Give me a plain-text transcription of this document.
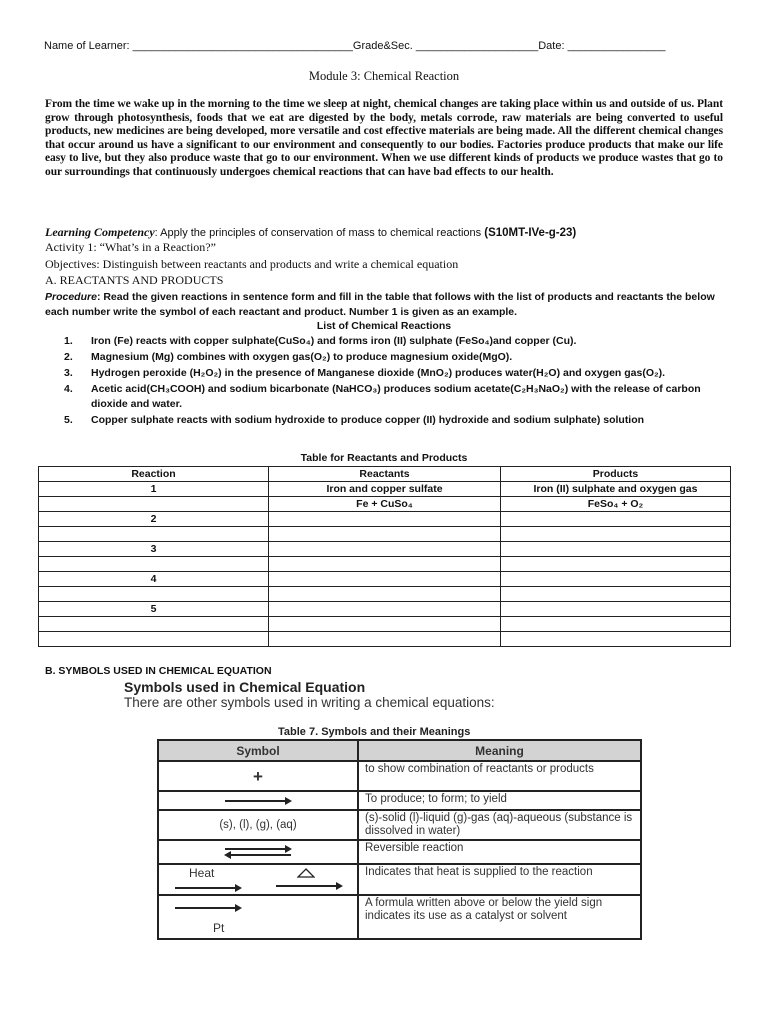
Name of Learner: ____________________________________Grade&Sec. ____________________Date: ________________
Module 3: Chemical Reaction
From the time we wake up in the morning to the time we sleep at night, chemical changes are taking place within us and outside of us. Plant grow through photosynthesis, foods that we eat are digested by the body, metals corrode, raw materials are being converted to useful products, new medicines are being developed, more versatile and cost effective materials are being made. All the different chemical changes that occur around us have a significant to our environment and consequently to our bodies. Factories produce products that make our life easy to live, but they also produce waste that go to our environment. When we use different kinds of products we produce wastes that go to our surroundings that continuously undergoes chemical reactions that can have bad effects to our health.
Learning Competency: Apply the principles of conservation of mass to chemical reactions (S10MT-IVe-g-23)
Activity 1: “What’s in a Reaction?”
Objectives: Distinguish between reactants and products and write a chemical equation
A. REACTANTS AND PRODUCTS
Procedure: Read the given reactions in sentence form and fill in the table that follows with the list of products and reactants the below each number write the symbol of each reactant and product. Number 1 is given as an example.
List of Chemical Reactions
1. Iron (Fe) reacts with copper sulphate(CuSo₄) and forms iron (II) sulphate (FeSo₄)and copper (Cu).
2. Magnesium (Mg) combines with oxygen gas(O₂) to produce magnesium oxide(MgO).
3. Hydrogen peroxide (H₂O₂) in the presence of Manganese dioxide (MnO₂) produces water(H₂O) and oxygen gas(O₂).
4. Acetic acid(CH₃COOH) and sodium bicarbonate (NaHCO₃) produces sodium acetate(C₂H₃NaO₂) with the release of carbon dioxide and water.
5. Copper sulphate reacts with sodium hydroxide to produce copper (II) hydroxide and sodium sulphate) solution
Table for Reactants and Products
Reaction	Reactants	Products
1	Iron and copper sulfate	Iron (II) sulphate and oxygen gas
	Fe + CuSo₄	FeSo₄ + O₂
2		

3		

4		

5		

B. SYMBOLS USED IN CHEMICAL EQUATION
Symbols used in Chemical Equation
There are other symbols used in writing a chemical equations:
Table 7. Symbols and their Meanings
Symbol	Meaning
+	to show combination of reactants or products

	To produce; to form; to yield
(s), (l), (g), (aq)	(s)-solid (l)-liquid (g)-gas (aq)-aqueous (substance is dissolved in water)

	Reversible reaction

Heat	Indicates that heat is supplied to the reaction

Pt	A formula written above or below the yield sign indicates its use as a catalyst or solvent
